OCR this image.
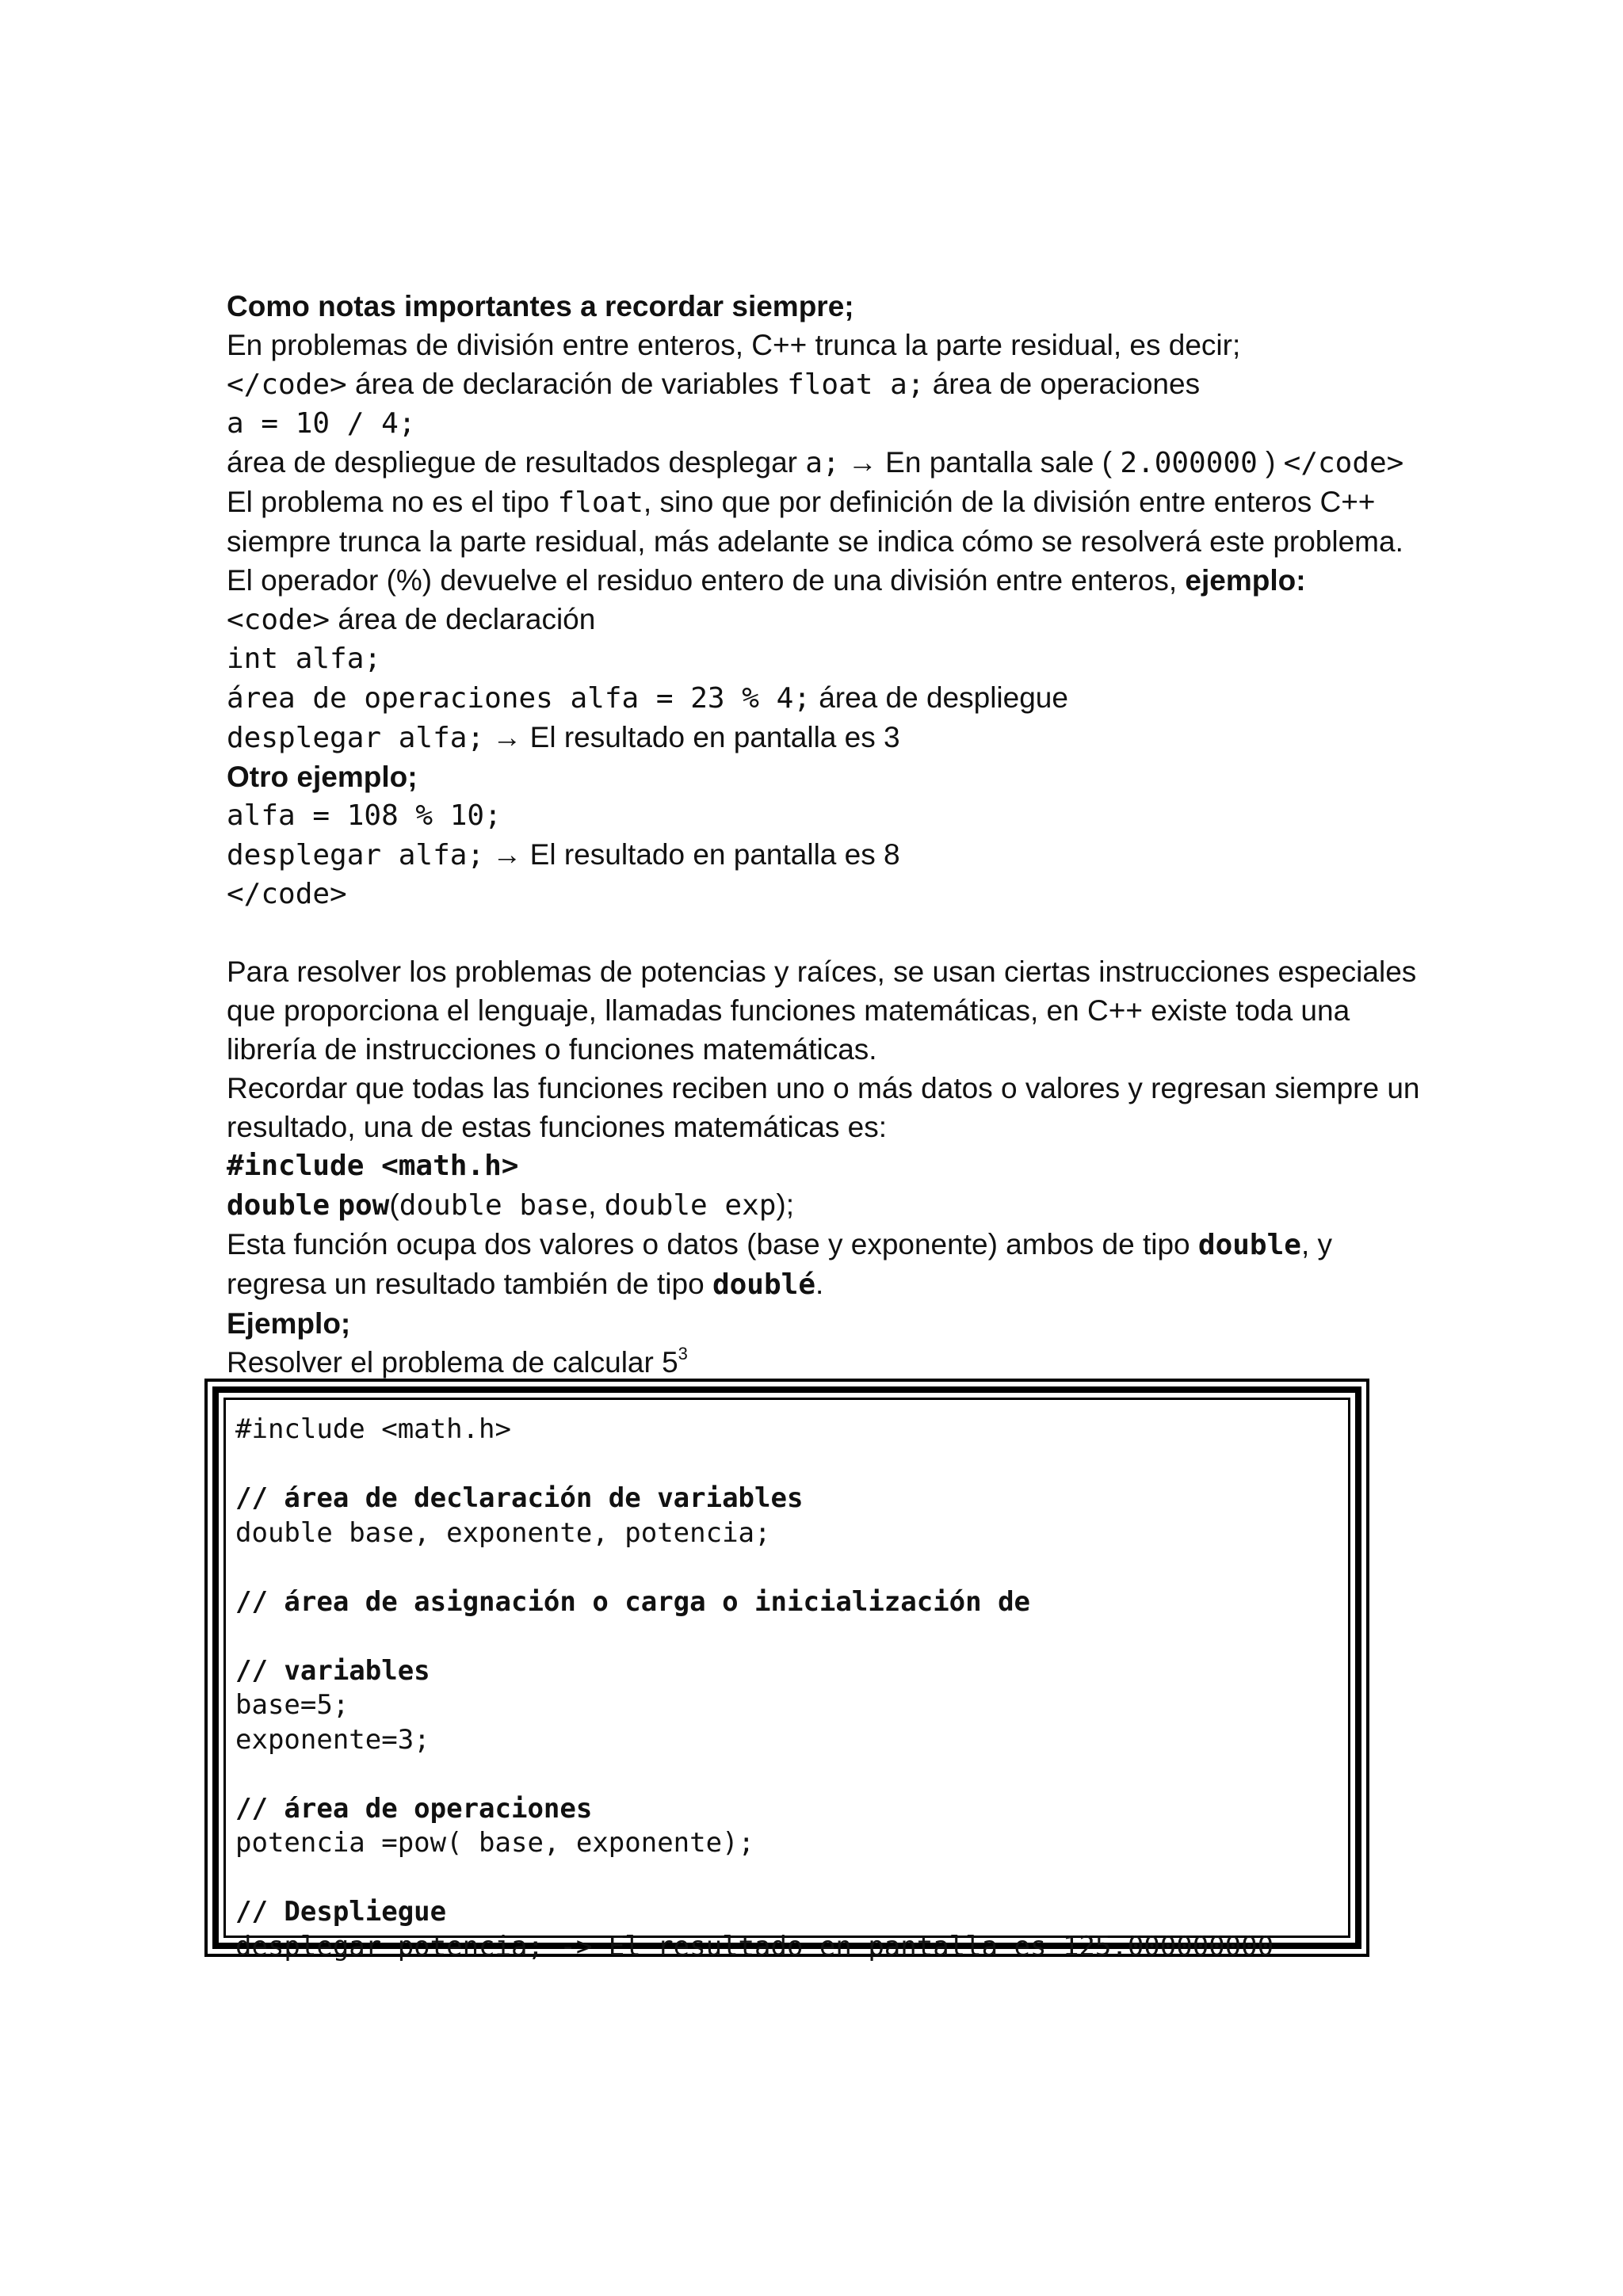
Como notas importantes a recordar siempre;
En problemas de división entre enteros, C++ trunca la parte residual, es decir;
</code> área de declaración de variables float a; área de operaciones
a = 10 / 4;
área de despliegue de resultados desplegar a; → En pantalla sale ( 2.000000 ) </code>
El problema no es el tipo float, sino que por definición de la división entre enteros C++
siempre trunca la parte residual, más adelante se indica cómo se resolverá este problema.
El operador (%) devuelve el residuo entero de una división entre enteros, ejemplo:
<code> área de declaración
int alfa;
área de operaciones alfa = 23 % 4; área de despliegue
desplegar alfa; → El resultado en pantalla es 3
Otro ejemplo;
alfa = 108 % 10;
desplegar alfa; → El resultado en pantalla es 8
</code>
Para resolver los problemas de potencias y raíces, se usan ciertas instrucciones especiales
que proporciona el lenguaje, llamadas funciones matemáticas, en C++ existe toda una
librería de instrucciones o funciones matemáticas.
Recordar que todas las funciones reciben uno o más datos o valores y regresan siempre un
resultado, una de estas funciones matemáticas es:
#include <math.h>
double pow(double base, double exp);
Esta función ocupa dos valores o datos (base y exponente) ambos de tipo double, y
regresa un resultado también de tipo doublé.
Ejemplo;
Resolver el problema de calcular $5^3$
#include <math.h>
// área de declaración de variables
double base, exponente, potencia;
// área de asignación o carga o inicialización de
// variables
base=5;
exponente=3;
// área de operaciones
potencia =pow( base, exponente);
// Despliegue
desplegar potencia; -> El resultado en pantalla es 125.000000000
